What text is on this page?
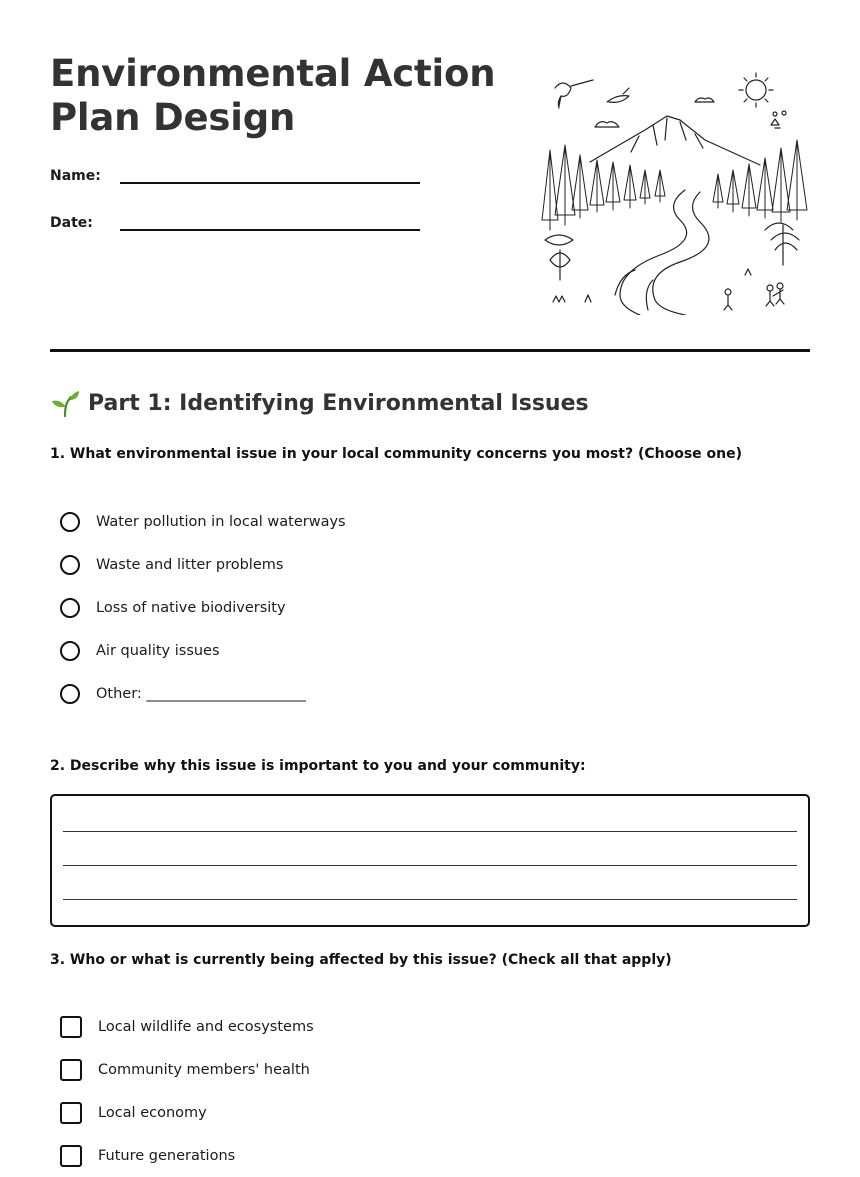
Environmental Action Plan Design
Name:
Date:
Part 1: Identifying Environmental Issues

1. What environmental issue in your local community concerns you most? (Choose one)

Water pollution in local waterways
Waste and litter problems
Loss of native biodiversity
Air quality issues
Other: ______________________

2. Describe why this issue is important to you and your community:

3. Who or what is currently being affected by this issue? (Check all that apply)

Local wildlife and ecosystems
Community members' health
Local economy
Future generations
